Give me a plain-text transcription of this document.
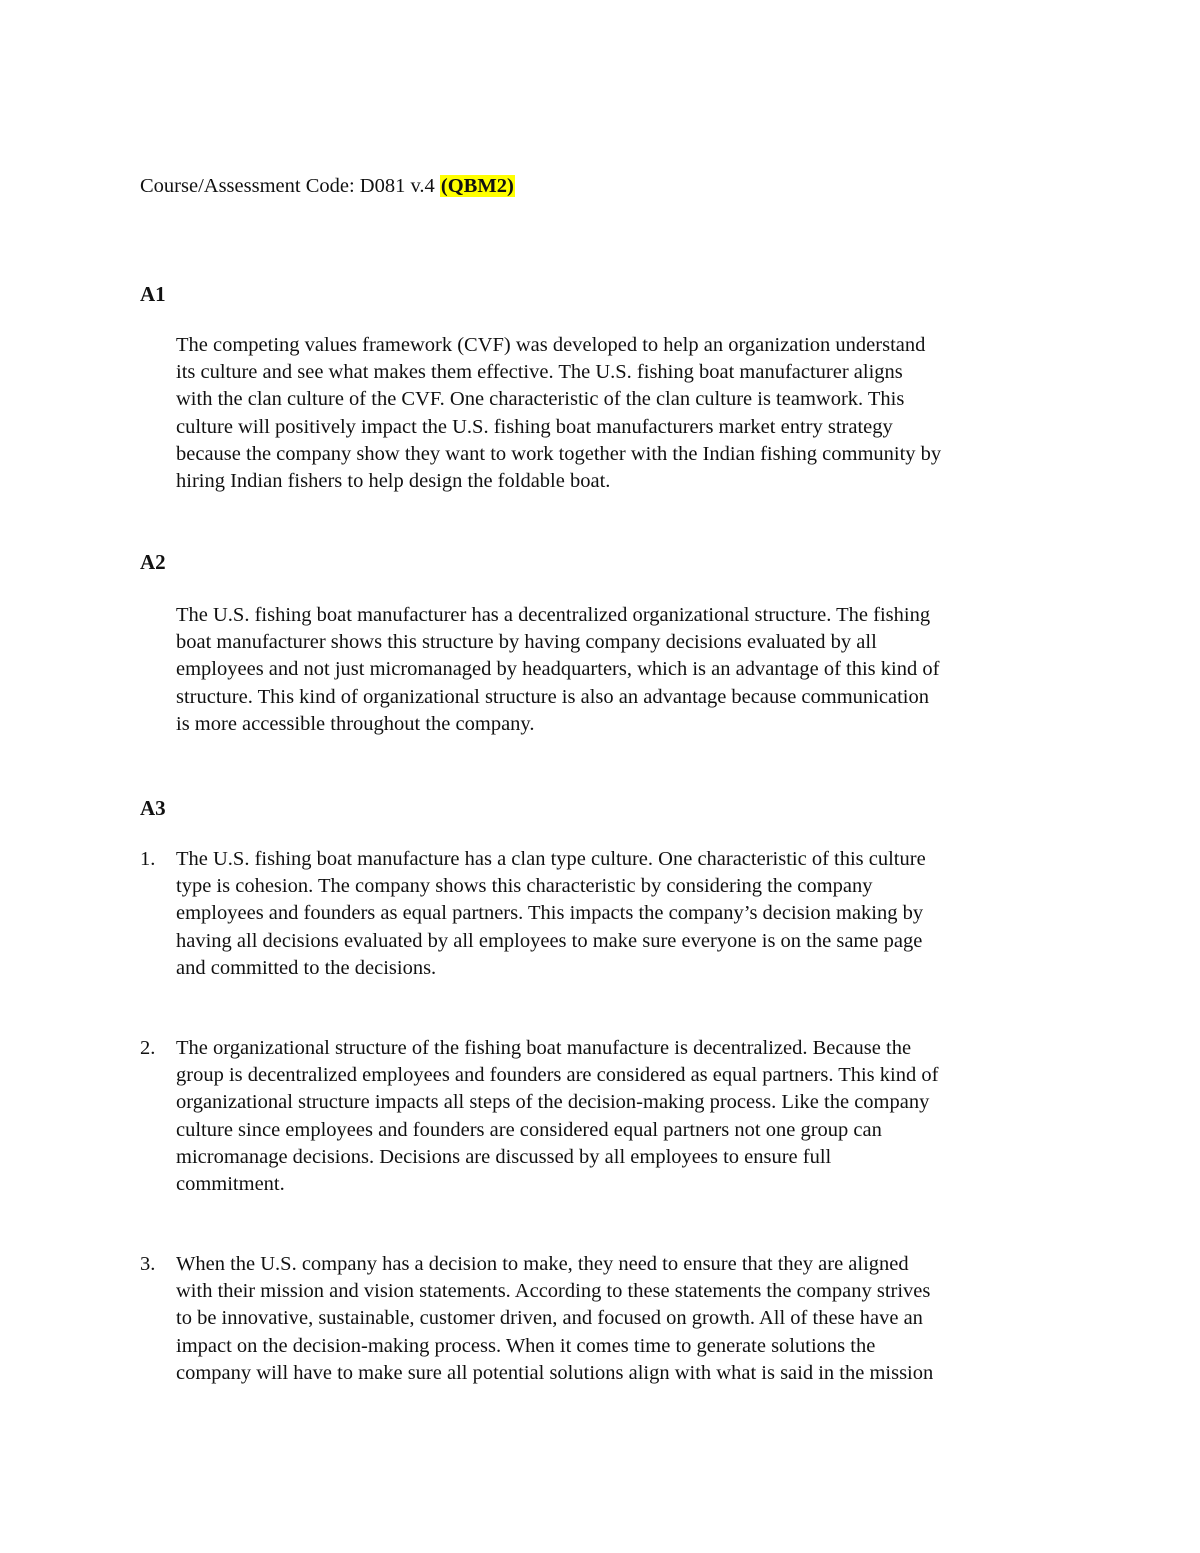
Course/Assessment Code: D081 v.4 (QBM2)
A1

The competing values framework (CVF) was developed to help an organization understand
its culture and see what makes them effective. The U.S. fishing boat manufacturer aligns
with the clan culture of the CVF. One characteristic of the clan culture is teamwork. This
culture will positively impact the U.S. fishing boat manufacturers market entry strategy
because the company show they want to work together with the Indian fishing community by
hiring Indian fishers to help design the foldable boat.

A2

The U.S. fishing boat manufacturer has a decentralized organizational structure. The fishing
boat manufacturer shows this structure by having company decisions evaluated by all
employees and not just micromanaged by headquarters, which is an advantage of this kind of
structure. This kind of organizational structure is also an advantage because communication
is more accessible throughout the company.

A3
1. The U.S. fishing boat manufacture has a clan type culture. One characteristic of this culture
type is cohesion. The company shows this characteristic by considering the company
employees and founders as equal partners. This impacts the company’s decision making by
having all decisions evaluated by all employees to make sure everyone is on the same page
and committed to the decisions.
2. The organizational structure of the fishing boat manufacture is decentralized. Because the
group is decentralized employees and founders are considered as equal partners. This kind of
organizational structure impacts all steps of the decision-making process. Like the company
culture since employees and founders are considered equal partners not one group can
micromanage decisions. Decisions are discussed by all employees to ensure full
commitment.
3. When the U.S. company has a decision to make, they need to ensure that they are aligned
with their mission and vision statements. According to these statements the company strives
to be innovative, sustainable, customer driven, and focused on growth. All of these have an
impact on the decision-making process. When it comes time to generate solutions the
company will have to make sure all potential solutions align with what is said in the mission
